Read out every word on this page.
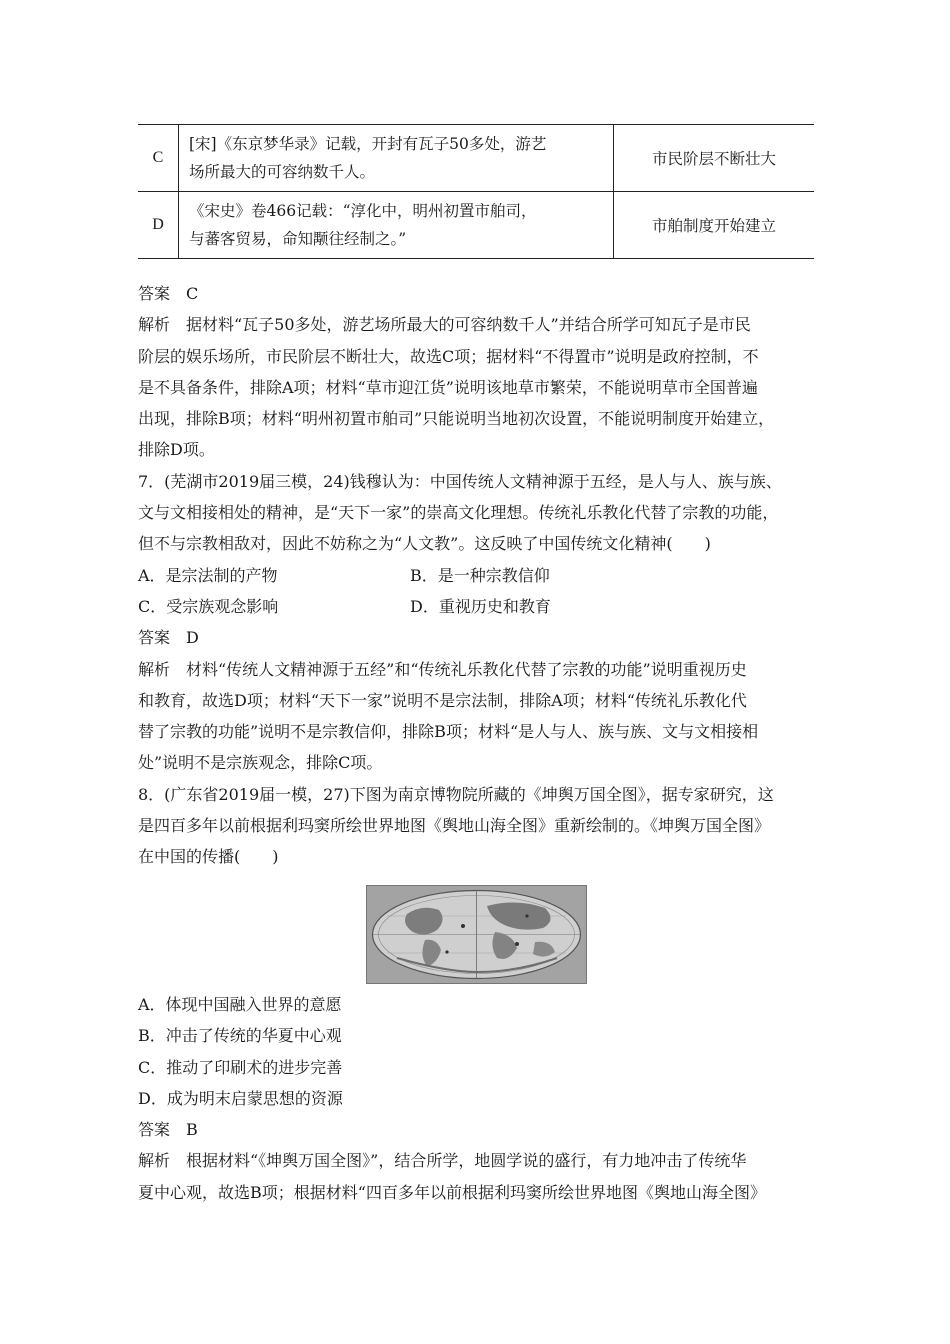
C	[宋]《东京梦华录》记载，开封有瓦子50多处，游艺
场所最大的可容纳数千人。	市民阶层不断壮大
D	《宋史》卷466记载：“淳化中，明州初置市舶司，
与蕃客贸易，命知颙往经制之。”	市舶制度开始建立
答案　C
解析　据材料“瓦子50多处，游艺场所最大的可容纳数千人”并结合所学可知瓦子是市民
阶层的娱乐场所，市民阶层不断壮大，故选C项；据材料“不得置市”说明是政府控制，不
是不具备条件，排除A项；材料“草市迎江货”说明该地草市繁荣，不能说明草市全国普遍
出现，排除B项；材料“明州初置市舶司”只能说明当地初次设置，不能说明制度开始建立，
排除D项。
7．(芜湖市2019届三模，24)钱穆认为：中国传统人文精神源于五经，是人与人、族与族、
文与文相接相处的精神，是“天下一家”的崇高文化理想。传统礼乐教化代替了宗教的功能，
但不与宗教相敌对，因此不妨称之为“人文教”。这反映了中国传统文化精神(　　)
A．是宗法制的产物	B．是一种宗教信仰
C．受宗族观念影响	D．重视历史和教育
答案　D
解析　材料“传统人文精神源于五经”和“传统礼乐教化代替了宗教的功能”说明重视历史
和教育，故选D项；材料“天下一家”说明不是宗法制，排除A项；材料“传统礼乐教化代
替了宗教的功能”说明不是宗教信仰，排除B项；材料“是人与人、族与族、文与文相接相
处”说明不是宗族观念，排除C项。
8．(广东省2019届一模，27)下图为南京博物院所藏的《坤舆万国全图》，据专家研究，这
是四百多年以前根据利玛窦所绘世界地图《舆地山海全图》重新绘制的。《坤舆万国全图》
在中国的传播(　　)
A．体现中国融入世界的意愿
B．冲击了传统的华夏中心观
C．推动了印刷术的进步完善
D．成为明末启蒙思想的资源
答案　B
解析　根据材料“《坤舆万国全图》”，结合所学，地圆学说的盛行，有力地冲击了传统华
夏中心观，故选B项；根据材料“四百多年以前根据利玛窦所绘世界地图《舆地山海全图》
